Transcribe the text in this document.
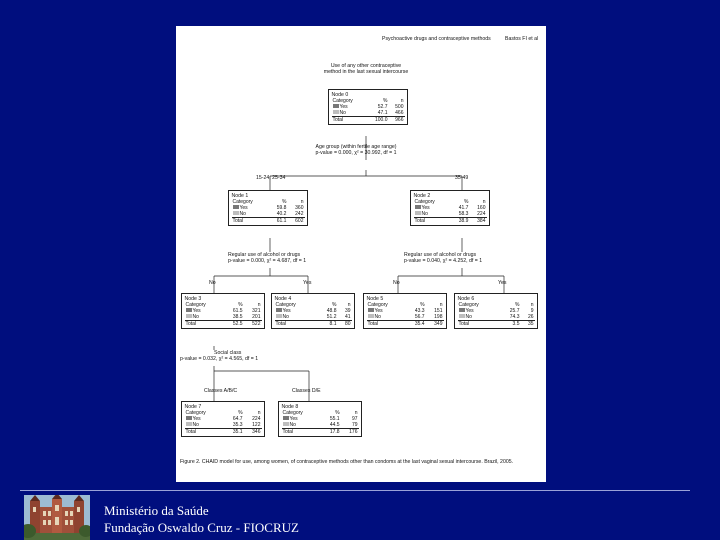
Psychoactive drugs and contraceptive methods	Bastos FI et al
Use of any other contraceptive
method in the last sexual intercourse
Node 0
Category	%	n
Yes	52.7	500
No	47.1	466
Total	100.0	966
Age group (within fertile age range)
p-value = 0.000, χ² = 30.992, df = 1
15-24, 25-34	35-49
Node 1
Category	%	n
Yes	59.8	360
No	40.2	242
Total	61.1	602
Node 2
Category	%	n
Yes	41.7	160
No	58.3	224
Total	38.9	384
Regular use of alcohol or drugs
p-value = 0.000, χ² = 4.687, df = 1
Regular use of alcohol or drugs
p-value = 0.040, χ² = 4.252, df = 1
No	Yes	No	Yes
Node 3
Category	%	n
Yes	61.5	321
No	38.5	201
Total	52.5	522
Node 4
Category	%	n
Yes	48.8	39
No	51.2	41
Total	8.1	80
Node 5
Category	%	n
Yes	43.3	151
No	56.7	198
Total	35.4	349
Node 6
Category	%	n
Yes	25.7	9
No	74.3	26
Total	3.5	35
Social class
p-value = 0.032, χ² = 4.565, df = 1
Classes A/B/C	Classes D/E
Node 7
Category	%	n
Yes	64.7	224
No	35.3	122
Total	35.1	346
Node 8
Category	%	n
Yes	55.1	97
No	44.5	79
Total	17.8	176
Figure 2. CHAID model for use, among women, of contraceptive methods other than condoms at the last vaginal sexual intercourse. Brazil, 2005.
Ministério da Saúde
Fundação Oswaldo Cruz - FIOCRUZ
